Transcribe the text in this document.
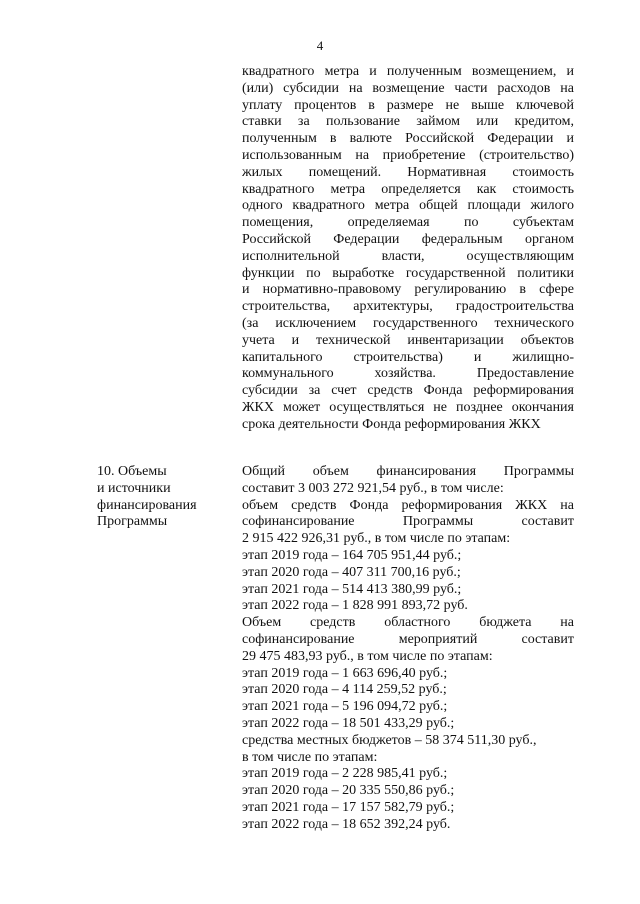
4
квадратного метра и полученным возмещением, и
(или) субсидии на возмещение части расходов на
уплату процентов в размере не выше ключевой
ставки за пользование займом или кредитом,
полученным в валюте Российской Федерации и
использованным на приобретение (строительство)
жилых помещений. Нормативная стоимость
квадратного метра определяется как стоимость
одного квадратного метра общей площади жилого
помещения, определяемая по субъектам
Российской Федерации федеральным органом
исполнительной власти, осуществляющим
функции по выработке государственной политики
и нормативно-правовому регулированию в сфере
строительства, архитектуры, градостроительства
(за исключением государственного технического
учета и технической инвентаризации объектов
капитального строительства) и жилищно-
коммунального хозяйства. Предоставление
субсидии за счет средств Фонда реформирования
ЖКХ может осуществляться не позднее окончания
срока деятельности Фонда реформирования ЖКХ
10. Объемы
и источники
финансирования
Программы
Общий объем финансирования Программы
составит 3 003 272 921,54 руб., в том числе:
объем средств Фонда реформирования ЖКХ на
софинансирование Программы составит
2 915 422 926,31 руб., в том числе по этапам:
этап 2019 года – 164 705 951,44 руб.;
этап 2020 года – 407 311 700,16 руб.;
этап 2021 года – 514 413 380,99 руб.;
этап 2022 года – 1 828 991 893,72 руб.
Объем средств областного бюджета на
софинансирование мероприятий составит
29 475 483,93 руб., в том числе по этапам:
этап 2019 года – 1 663 696,40 руб.;
этап 2020 года – 4 114 259,52 руб.;
этап 2021 года – 5 196 094,72 руб.;
этап 2022 года – 18 501 433,29 руб.;
средства местных бюджетов – 58 374 511,30 руб.,
в том числе по этапам:
этап 2019 года – 2 228 985,41 руб.;
этап 2020 года – 20 335 550,86 руб.;
этап 2021 года – 17 157 582,79 руб.;
этап 2022 года – 18 652 392,24 руб.
